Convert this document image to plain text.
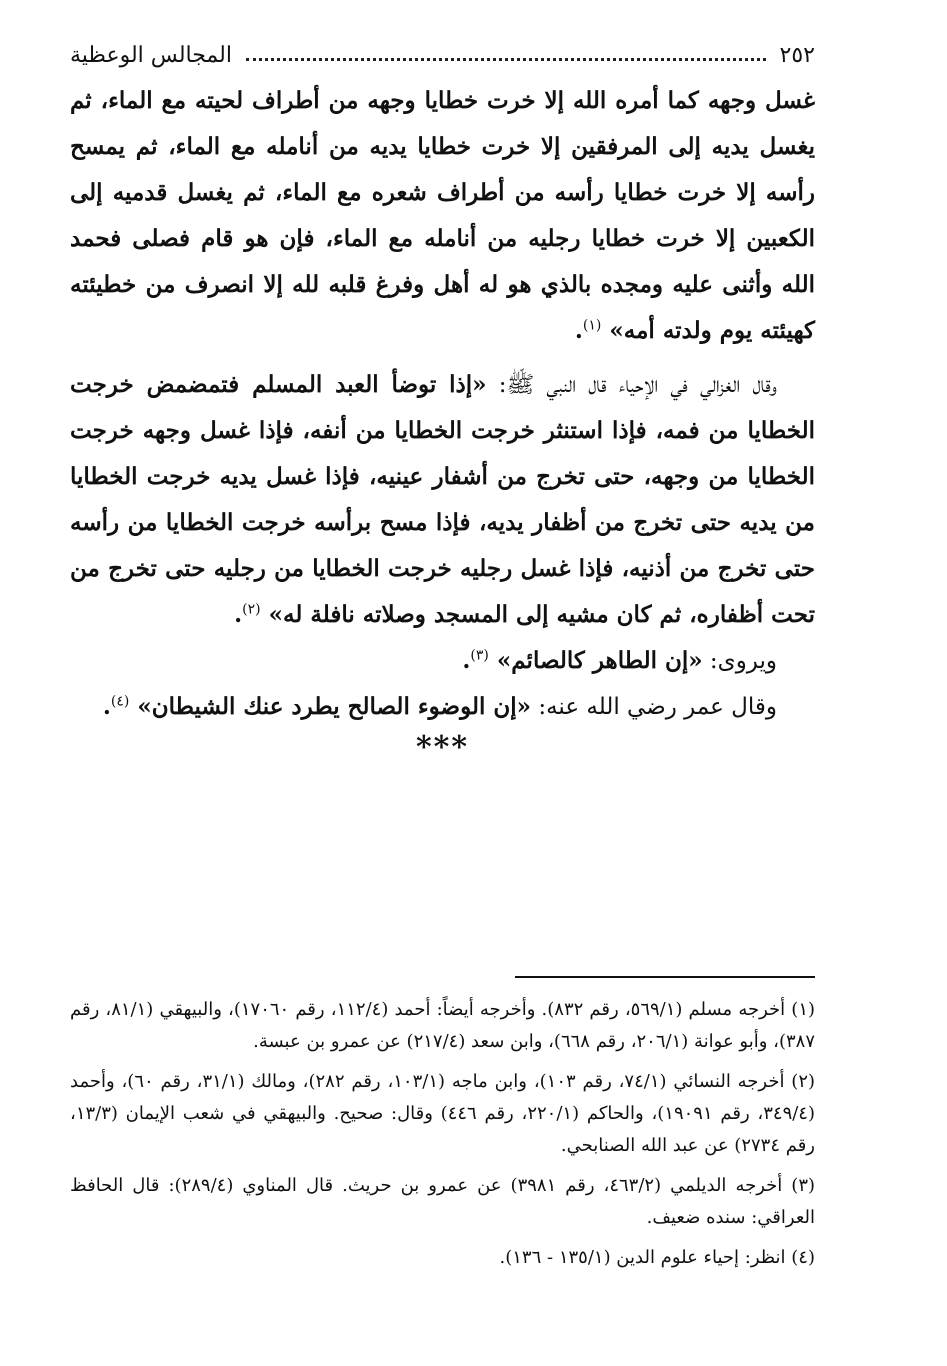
٢٥٢
المجالس الوعظية

غسل وجهه كما أمره الله إلا خرت خطايا وجهه من أطراف لحيته مع الماء، ثم يغسل يديه إلى المرفقين إلا خرت خطايا يديه من أنامله مع الماء، ثم يمسح رأسه إلا خرت خطايا رأسه من أطراف شعره مع الماء، ثم يغسل قدميه إلى الكعبين إلا خرت خطايا رجليه من أنامله مع الماء، فإن هو قام فصلى فحمد الله وأثنى عليه ومجده بالذي هو له أهل وفرغ قلبه لله إلا انصرف من خطيئته كهيئته يوم ولدته أمه» $^{(١)}$.

وقال الغزالي في الإحياء قال النبي ﷺ: «إذا توضأ العبد المسلم فتمضمض خرجت الخطايا من فمه، فإذا استنثر خرجت الخطايا من أنفه، فإذا غسل وجهه خرجت الخطايا من وجهه، حتى تخرج من أشفار عينيه، فإذا غسل يديه خرجت الخطايا من يديه حتى تخرج من أظفار يديه، فإذا مسح برأسه خرجت الخطايا من رأسه حتى تخرج من أذنيه، فإذا غسل رجليه خرجت الخطايا من رجليه حتى تخرج من تحت أظفاره، ثم كان مشيه إلى المسجد وصلاته نافلة له» $^{(٢)}$.

ويروى: «إن الطاهر كالصائم» $^{(٣)}$.

وقال عمر رضي الله عنه: «إن الوضوء الصالح يطرد عنك الشيطان» $^{(٤)}$.

***

(١) أخرجه مسلم (٥٦٩/١، رقم ٨٣٢). وأخرجه أيضاً: أحمد (١١٢/٤، رقم ١٧٠٦٠)، والبيهقي (٨١/١، رقم ٣٨٧)، وأبو عوانة (٢٠٦/١، رقم ٦٦٨)، وابن سعد (٢١٧/٤) عن عمرو بن عبسة.

(٢) أخرجه النسائي (٧٤/١، رقم ١٠٣)، وابن ماجه (١٠٣/١، رقم ٢٨٢)، ومالك (٣١/١، رقم ٦٠)، وأحمد (٣٤٩/٤، رقم ١٩٠٩١)، والحاكم (٢٢٠/١، رقم ٤٤٦) وقال: صحيح. والبيهقي في شعب الإيمان (١٣/٣، رقم ٢٧٣٤) عن عبد الله الصنابحي.

(٣) أخرجه الديلمي (٤٦٣/٢، رقم ٣٩٨١) عن عمرو بن حريث. قال المناوي (٢٨٩/٤): قال الحافظ العراقي: سنده ضعيف.

(٤) انظر: إحياء علوم الدين (١٣٥/١ - ١٣٦).
